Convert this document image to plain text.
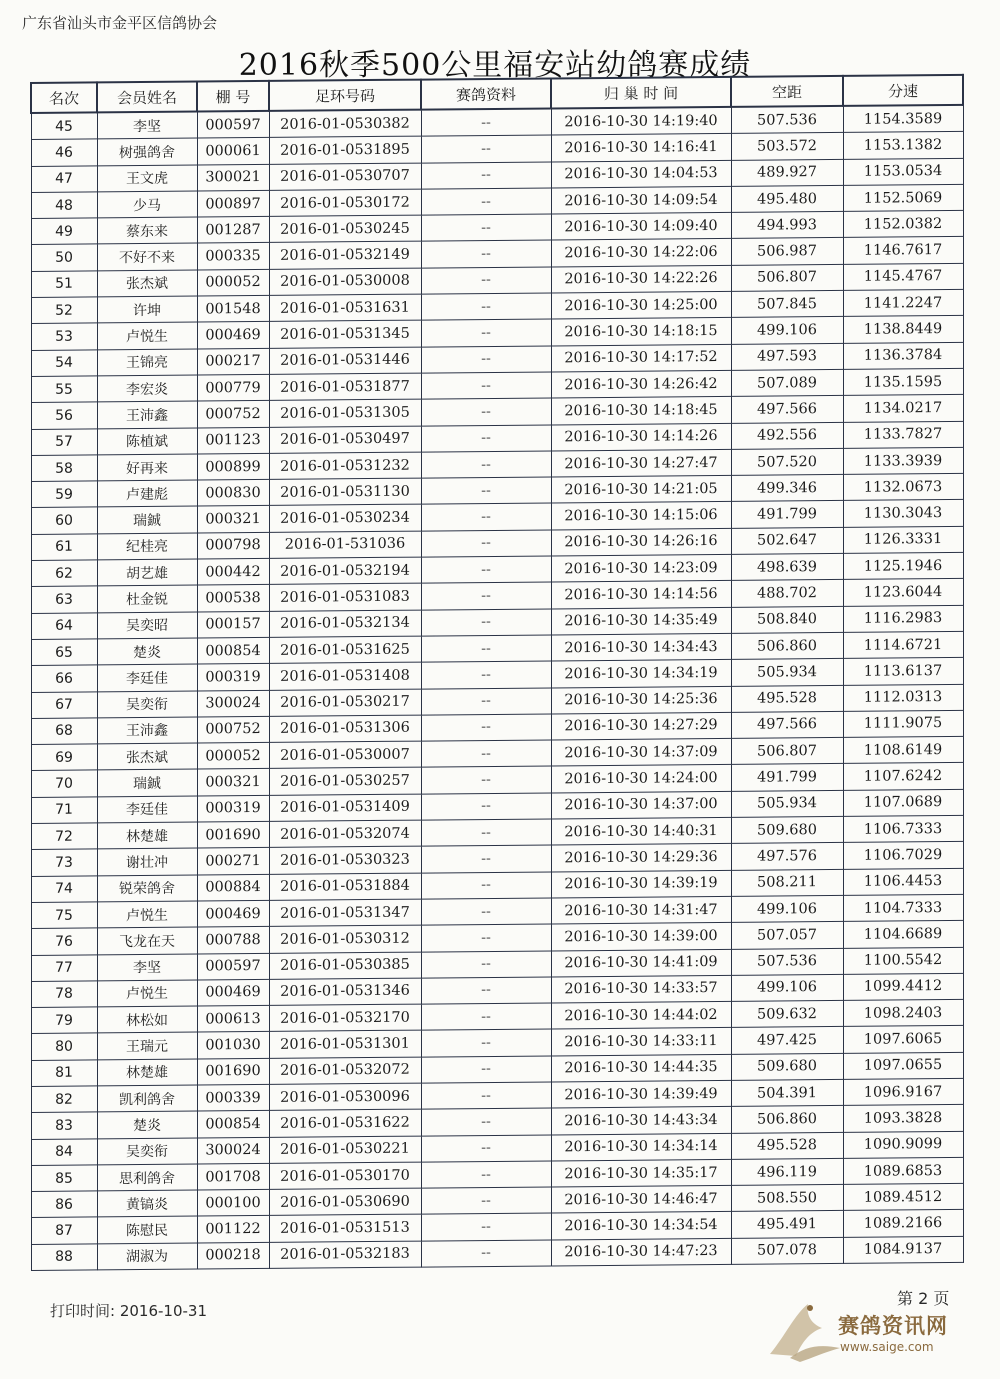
广东省汕头市金平区信鸽协会
2016秋季500公里福安站幼鸽赛成绩
名次	会员姓名	棚 号	足环号码	赛鸽资料	归 巢 时 间	空距	分速
45	李坚	000597	2016-01-0530382	--	2016-10-30 14:19:40	507.536	1154.3589
46	树强鸽舍	000061	2016-01-0531895	--	2016-10-30 14:16:41	503.572	1153.1382
47	王文虎	300021	2016-01-0530707	--	2016-10-30 14:04:53	489.927	1153.0534
48	少马	000897	2016-01-0530172	--	2016-10-30 14:09:54	495.480	1152.5069
49	蔡东来	001287	2016-01-0530245	--	2016-10-30 14:09:40	494.993	1152.0382
50	不好不来	000335	2016-01-0532149	--	2016-10-30 14:22:06	506.987	1146.7617
51	张杰斌	000052	2016-01-0530008	--	2016-10-30 14:22:26	506.807	1145.4767
52	许坤	001548	2016-01-0531631	--	2016-10-30 14:25:00	507.845	1141.2247
53	卢悦生	000469	2016-01-0531345	--	2016-10-30 14:18:15	499.106	1138.8449
54	王锦亮	000217	2016-01-0531446	--	2016-10-30 14:17:52	497.593	1136.3784
55	李宏炎	000779	2016-01-0531877	--	2016-10-30 14:26:42	507.089	1135.1595
56	王沛鑫	000752	2016-01-0531305	--	2016-10-30 14:18:45	497.566	1134.0217
57	陈植斌	001123	2016-01-0530497	--	2016-10-30 14:14:26	492.556	1133.7827
58	好再来	000899	2016-01-0531232	--	2016-10-30 14:27:47	507.520	1133.3939
59	卢建彪	000830	2016-01-0531130	--	2016-10-30 14:21:05	499.346	1132.0673
60	瑞鋮	000321	2016-01-0530234	--	2016-10-30 14:15:06	491.799	1130.3043
61	纪桂亮	000798	2016-01-531036	--	2016-10-30 14:26:16	502.647	1126.3331
62	胡艺雄	000442	2016-01-0532194	--	2016-10-30 14:23:09	498.639	1125.1946
63	杜金锐	000538	2016-01-0531083	--	2016-10-30 14:14:56	488.702	1123.6044
64	吴奕昭	000157	2016-01-0532134	--	2016-10-30 14:35:49	508.840	1116.2983
65	楚炎	000854	2016-01-0531625	--	2016-10-30 14:34:43	506.860	1114.6721
66	李廷佳	000319	2016-01-0531408	--	2016-10-30 14:34:19	505.934	1113.6137
67	吴奕衔	300024	2016-01-0530217	--	2016-10-30 14:25:36	495.528	1112.0313
68	王沛鑫	000752	2016-01-0531306	--	2016-10-30 14:27:29	497.566	1111.9075
69	张杰斌	000052	2016-01-0530007	--	2016-10-30 14:37:09	506.807	1108.6149
70	瑞鋮	000321	2016-01-0530257	--	2016-10-30 14:24:00	491.799	1107.6242
71	李廷佳	000319	2016-01-0531409	--	2016-10-30 14:37:00	505.934	1107.0689
72	林楚雄	001690	2016-01-0532074	--	2016-10-30 14:40:31	509.680	1106.7333
73	谢壮冲	000271	2016-01-0530323	--	2016-10-30 14:29:36	497.576	1106.7029
74	锐荣鸽舍	000884	2016-01-0531884	--	2016-10-30 14:39:19	508.211	1106.4453
75	卢悦生	000469	2016-01-0531347	--	2016-10-30 14:31:47	499.106	1104.7333
76	飞龙在天	000788	2016-01-0530312	--	2016-10-30 14:39:00	507.057	1104.6689
77	李坚	000597	2016-01-0530385	--	2016-10-30 14:41:09	507.536	1100.5542
78	卢悦生	000469	2016-01-0531346	--	2016-10-30 14:33:57	499.106	1099.4412
79	林松如	000613	2016-01-0532170	--	2016-10-30 14:44:02	509.632	1098.2403
80	王瑞元	001030	2016-01-0531301	--	2016-10-30 14:33:11	497.425	1097.6065
81	林楚雄	001690	2016-01-0532072	--	2016-10-30 14:44:35	509.680	1097.0655
82	凯利鸽舍	000339	2016-01-0530096	--	2016-10-30 14:39:49	504.391	1096.9167
83	楚炎	000854	2016-01-0531622	--	2016-10-30 14:43:34	506.860	1093.3828
84	吴奕衔	300024	2016-01-0530221	--	2016-10-30 14:34:14	495.528	1090.9099
85	思利鸽舍	001708	2016-01-0530170	--	2016-10-30 14:35:17	496.119	1089.6853
86	黄镐炎	000100	2016-01-0530690	--	2016-10-30 14:46:47	508.550	1089.4512
87	陈慰民	001122	2016-01-0531513	--	2016-10-30 14:34:54	495.491	1089.2166
88	湖淑为	000218	2016-01-0532183	--	2016-10-30 14:47:23	507.078	1084.9137
打印时间: 2016-10-31
第 2 页
赛鸽资讯网
www.saige.com
